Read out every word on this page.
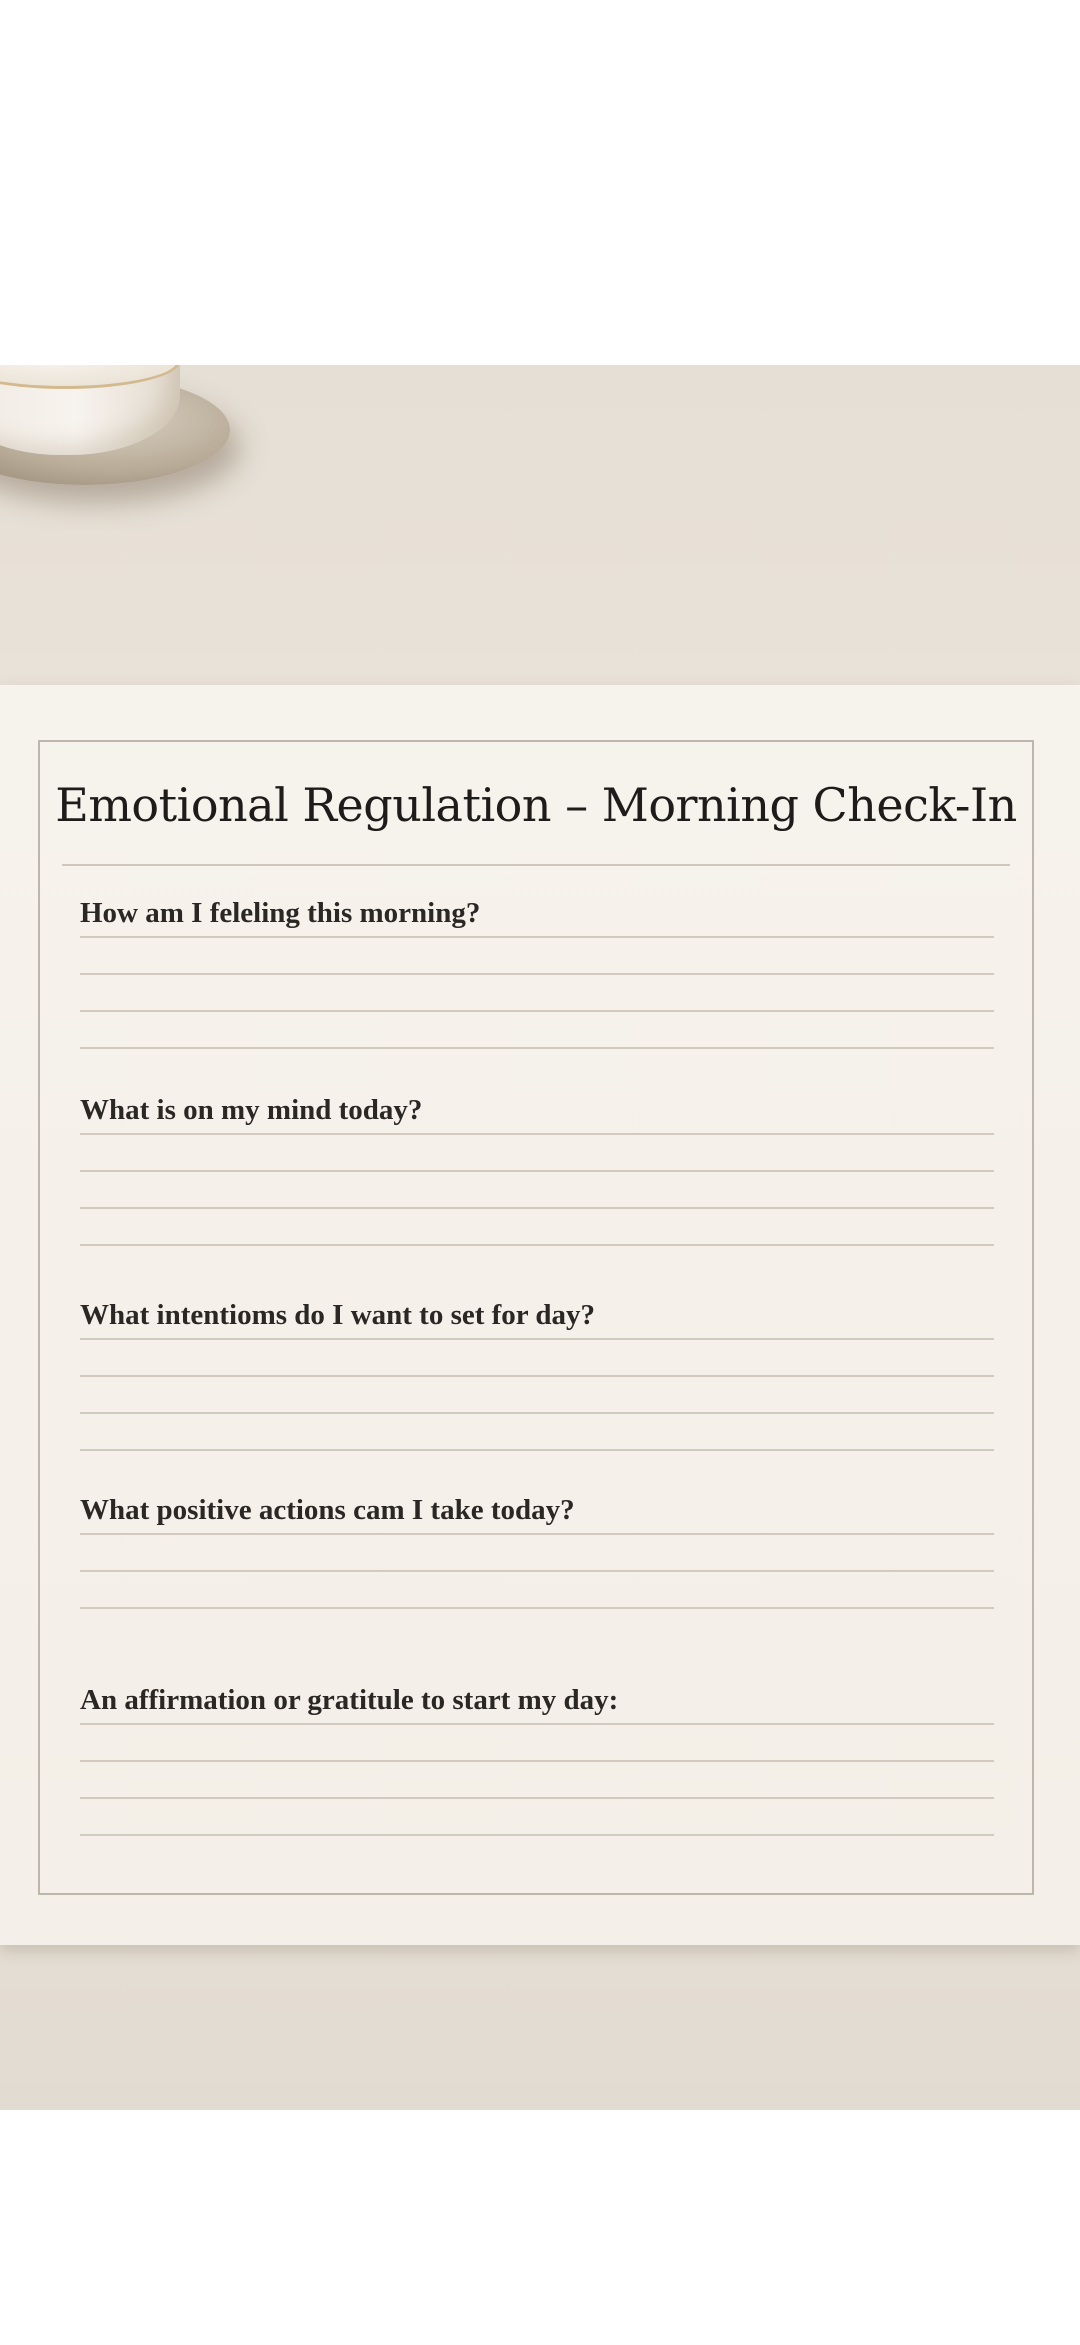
Emotional Regulation – Morning Check-In

How am I feleling this morning?

What is on my mind today?

What intentioms do I want to set for day?

What positive actions cam I take today?

An affirmation or gratitule to start my day:
